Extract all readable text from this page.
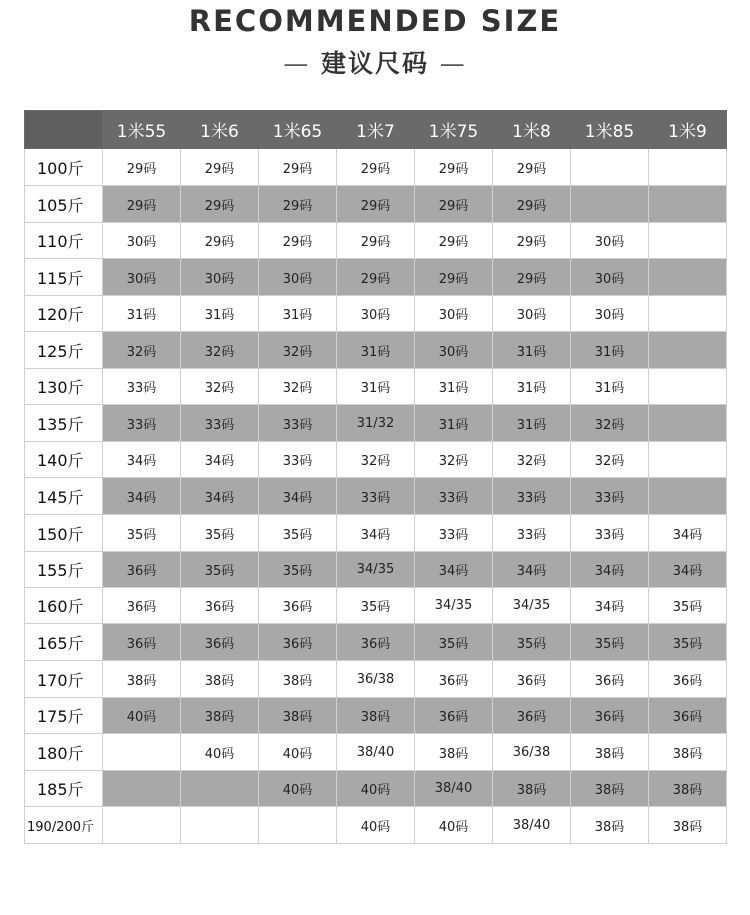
RECOMMENDED SIZE
— 建议尺码 —
	1米55	1米6	1米65	1米7	1米75	1米8	1米85	1米9
100斤	29码	29码	29码	29码	29码	29码		
105斤	29码	29码	29码	29码	29码	29码		
110斤	30码	29码	29码	29码	29码	29码	30码	
115斤	30码	30码	30码	29码	29码	29码	30码	
120斤	31码	31码	31码	30码	30码	30码	30码	
125斤	32码	32码	32码	31码	30码	31码	31码	
130斤	33码	32码	32码	31码	31码	31码	31码	
135斤	33码	33码	33码	31/32	31码	31码	32码	
140斤	34码	34码	33码	32码	32码	32码	32码	
145斤	34码	34码	34码	33码	33码	33码	33码	
150斤	35码	35码	35码	34码	33码	33码	33码	34码
155斤	36码	35码	35码	34/35	34码	34码	34码	34码
160斤	36码	36码	36码	35码	34/35	34/35	34码	35码
165斤	36码	36码	36码	36码	35码	35码	35码	35码
170斤	38码	38码	38码	36/38	36码	36码	36码	36码
175斤	40码	38码	38码	38码	36码	36码	36码	36码
180斤		40码	40码	38/40	38码	36/38	38码	38码
185斤			40码	40码	38/40	38码	38码	38码
190/200斤				40码	40码	38/40	38码	38码
